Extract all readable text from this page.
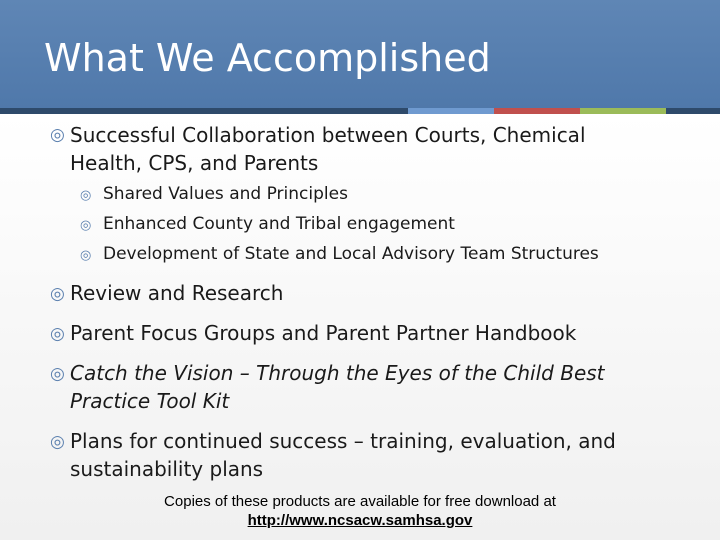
What We Accomplished
◎ Successful Collaboration between Courts, Chemical Health, CPS, and Parents
◎ Shared Values and Principles
◎ Enhanced County and Tribal engagement
◎ Development of State and Local Advisory Team Structures
◎ Review and Research
◎ Parent Focus Groups and Parent Partner Handbook
◎ Catch the Vision – Through the Eyes of the Child Best Practice Tool Kit
◎ Plans for continued success – training, evaluation, and sustainability plans
Copies of these products are available for free download at
http://www.ncsacw.samhsa.gov
